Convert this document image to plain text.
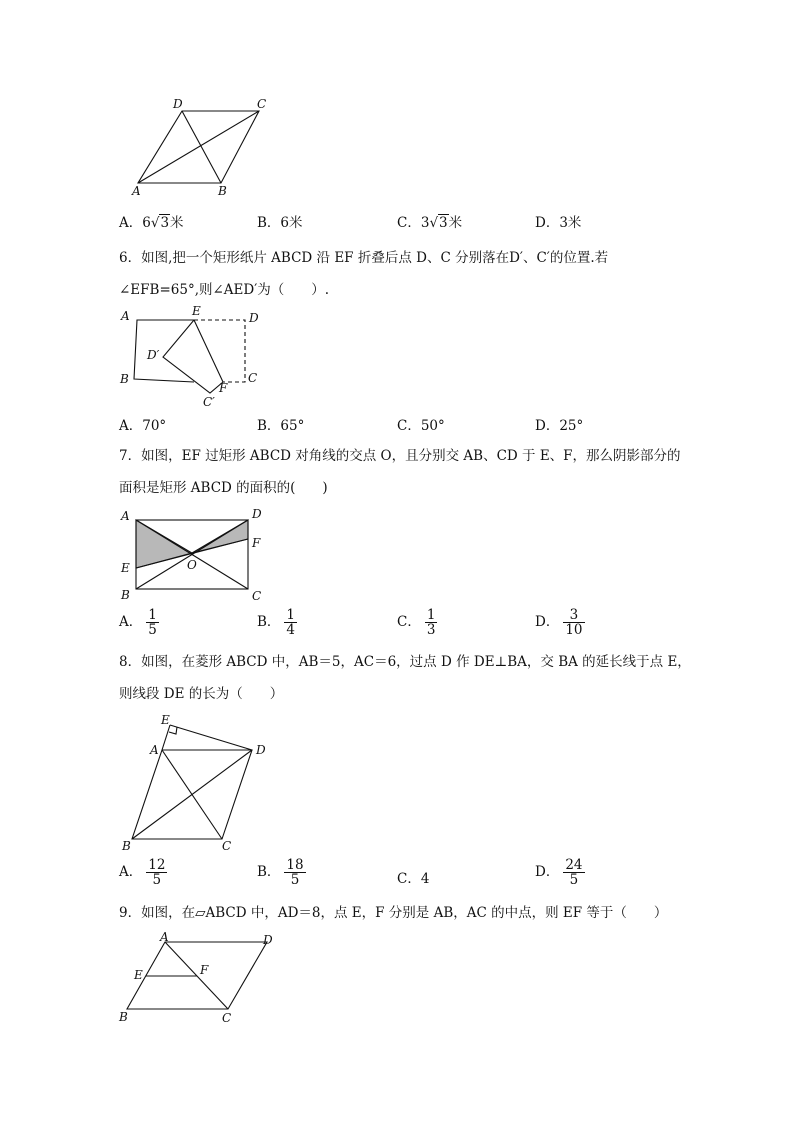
A	B
C
D
A．6√3米	B．6米	C．3√3米	D．3米
6．如图,把一个矩形纸片 ABCD 沿 EF 折叠后点 D、C 分别落在D′、C′的位置.若
∠EFB=65°,则∠AED′为（　　）.
A
B	C
D
E
F
D′
C′
A．70°	B．65°	C．50°	D．25°
7．如图，EF 过矩形 ABCD 对角线的交点 O，且分别交 AB、CD 于 E、F，那么阴影部分的
面积是矩形 ABCD 的面积的(　　)
A
B	C
D
E
F
O
A． $\frac{1}{5}$	B． $\frac{1}{4}$	C． $\frac{1}{3}$	D． $\frac{3}{10}$
8．如图，在菱形 ABCD 中，AB＝5，AC＝6，过点 D 作 DE⊥BA，交 BA 的延长线于点 E，
则线段 DE 的长为（　　）
A
B	C
D
E
A． $\frac{12}{5}$	B． $\frac{18}{5}$	C．4	D． $\frac{24}{5}$
9．如图，在▱ABCD 中，AD＝8，点 E，F 分别是 AB，AC 的中点，则 EF 等于（　　）
A
B	C
D
E	F
